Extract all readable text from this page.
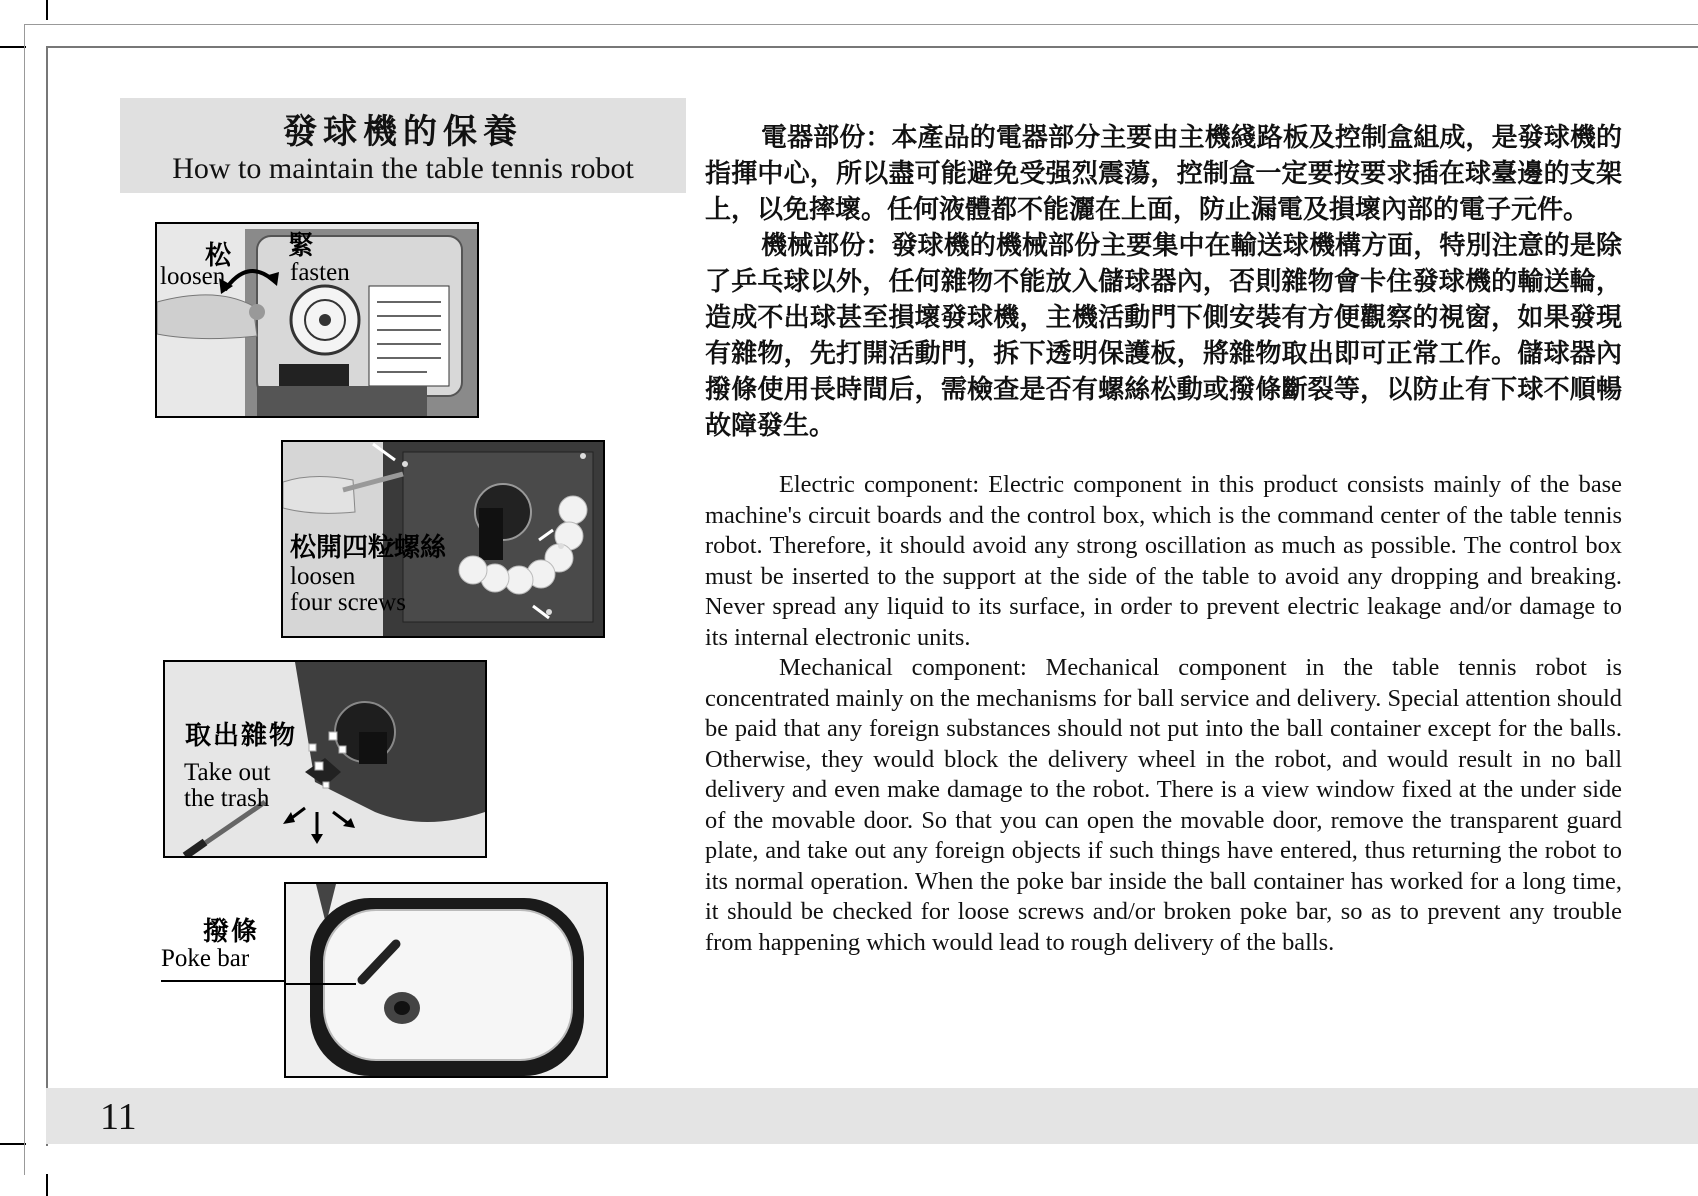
11
發球機的保養
How to maintain the table tennis robot
松
loosen
緊
fasten
松開四粒螺絲
loosen
four screws
取出雜物
Take out
the trash
撥條
Poke bar

電器部份：本產品的電器部分主要由主機綫路板及控制盒組成，是發球機的指揮中心，所以盡可能避免受强烈震蕩，控制盒一定要按要求插在球臺邊的支架上，以免摔壞。任何液體都不能灑在上面，防止漏電及損壞內部的電子元件。

機械部份：發球機的機械部份主要集中在輸送球機構方面，特別注意的是除了乒乓球以外，任何雜物不能放入儲球器內，否則雜物會卡住發球機的輸送輪，造成不出球甚至損壞發球機，主機活動門下側安裝有方便觀察的視窗，如果發現有雜物，先打開活動門，拆下透明保護板，將雜物取出即可正常工作。儲球器內撥條使用長時間后，需檢查是否有螺絲松動或撥條斷裂等，以防止有下球不順暢故障發生。

Electric component: Electric component in this product consists mainly of the base machine's circuit boards and the control box, which is the command center of the table tennis robot. Therefore, it should avoid any strong oscillation as much as possible. The control box must be inserted to the support at the side of the table to avoid any dropping and breaking. Never spread any liquid to its surface, in order to prevent electric leakage and/or damage to its internal electronic units.

Mechanical component: Mechanical component in the table tennis robot is concentrated mainly on the mechanisms for ball service and delivery. Special attention should be paid that any foreign substances should not put into the ball container except for the balls. Otherwise, they would block the delivery wheel in the robot, and would result in no ball delivery and even make damage to the robot. There is a view window fixed at the under side of the movable door. So that you can open the movable door, remove the transparent guard plate, and take out any foreign objects if such things have entered, thus returning the robot to its normal operation. When the poke bar inside the ball container has worked for a long time, it should be checked for loose screws and/or broken poke bar, so as to prevent any trouble from happening which would lead to rough delivery of the balls.
